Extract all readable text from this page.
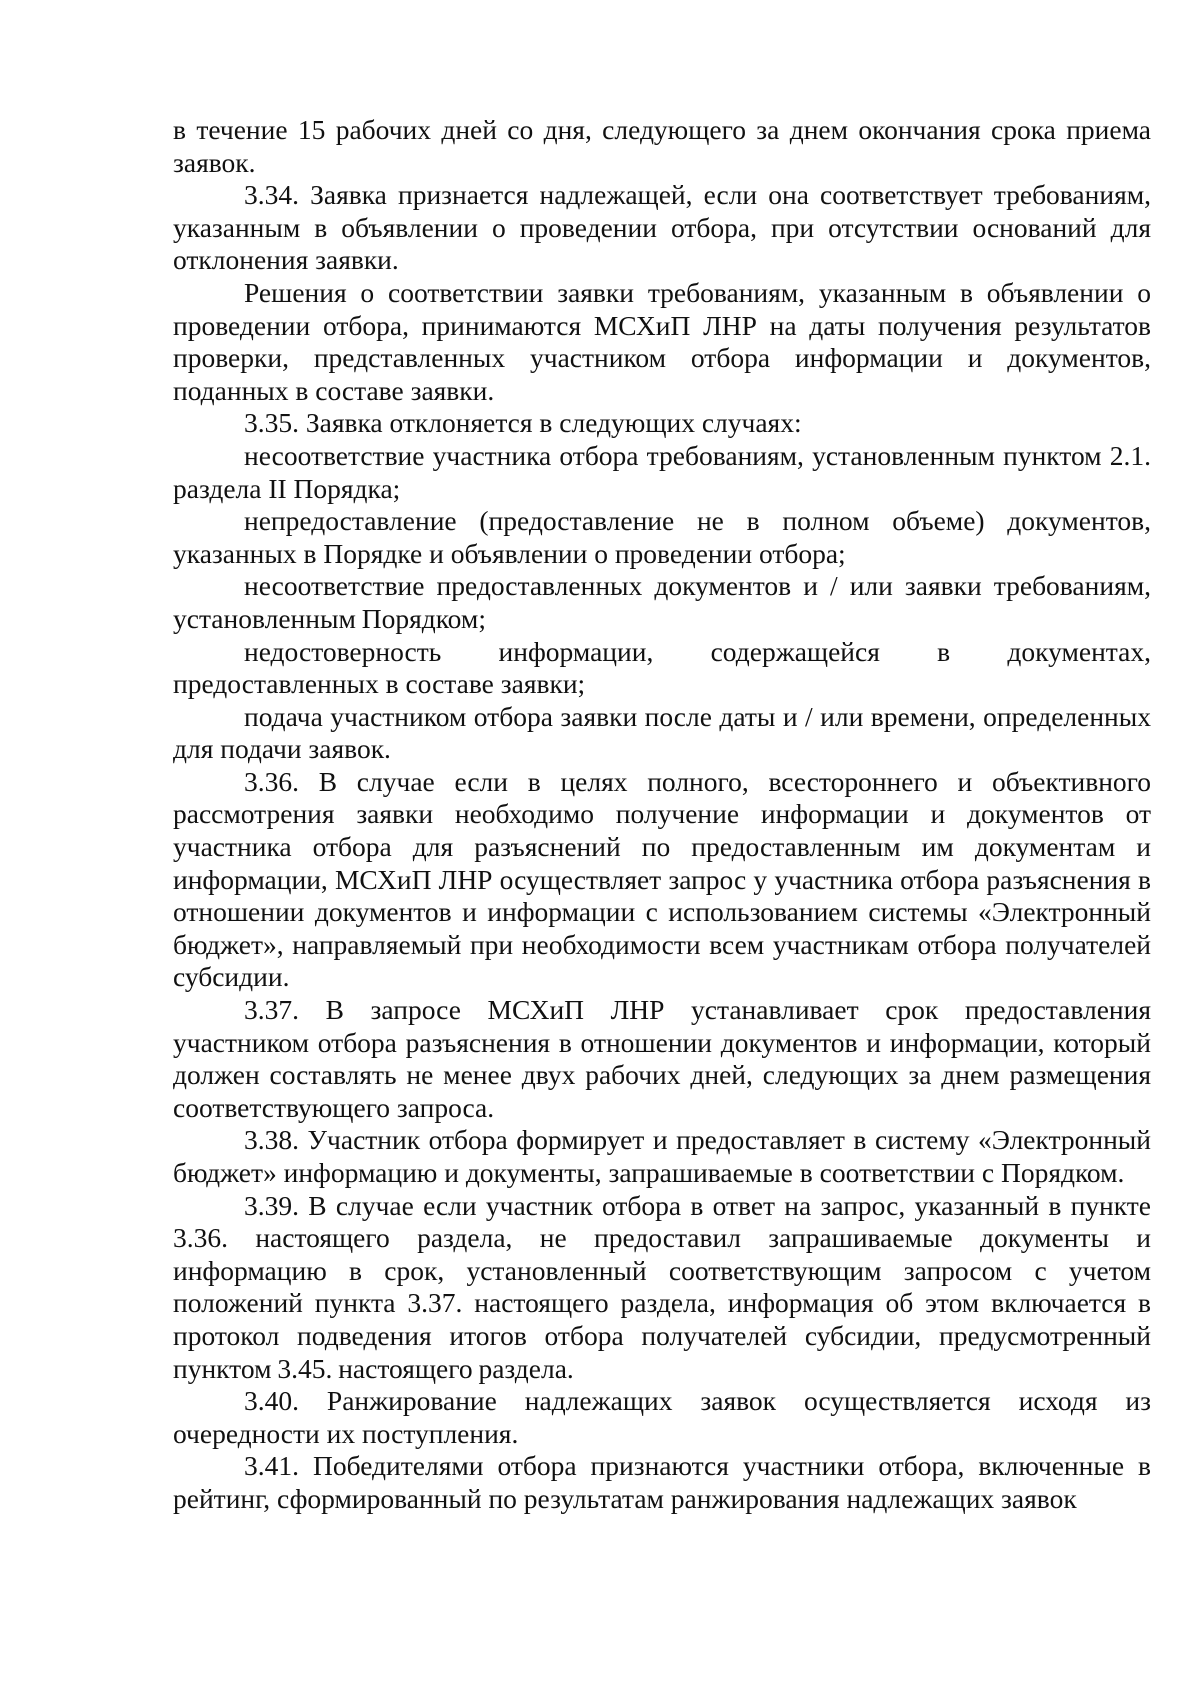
в течение 15 рабочих дней со дня, следующего за днем окончания срока приема заявок.

3.34. Заявка признается надлежащей, если она соответствует требованиям, указанным в объявлении о проведении отбора, при отсутствии оснований для отклонения заявки.

Решения о соответствии заявки требованиям, указанным в объявлении о проведении отбора, принимаются МСХиП ЛНР на даты получения результатов проверки, представленных участником отбора информации и документов, поданных в составе заявки.

3.35. Заявка отклоняется в следующих случаях:

несоответствие участника отбора требованиям, установленным пунктом 2.1. раздела II Порядка;

непредоставление (предоставление не в полном объеме) документов, указанных в Порядке и объявлении о проведении отбора;

несоответствие предоставленных документов и / или заявки требованиям, установленным Порядком;

недостоверность информации, содержащейся в документах, предоставленных в составе заявки;

подача участником отбора заявки после даты и / или времени, определенных для подачи заявок.

3.36. В случае если в целях полного, всестороннего и объективного рассмотрения заявки необходимо получение информации и документов от участника отбора для разъяснений по предоставленным им документам и информации, МСХиП ЛНР осуществляет запрос у участника отбора разъяснения в отношении документов и информации с использованием системы «Электронный бюджет», направляемый при необходимости всем участникам отбора получателей субсидии.

3.37. В запросе МСХиП ЛНР устанавливает срок предоставления участником отбора разъяснения в отношении документов и информации, который должен составлять не менее двух рабочих дней, следующих за днем размещения соответствующего запроса.

3.38. Участник отбора формирует и предоставляет в систему «Электронный бюджет» информацию и документы, запрашиваемые в соответствии с Порядком.

3.39. В случае если участник отбора в ответ на запрос, указанный в пункте 3.36. настоящего раздела, не предоставил запрашиваемые документы и информацию в срок, установленный соответствующим запросом с учетом положений пункта 3.37. настоящего раздела, информация об этом включается в протокол подведения итогов отбора получателей субсидии, предусмотренный пунктом 3.45. настоящего раздела.

3.40. Ранжирование надлежащих заявок осуществляется исходя из очередности их поступления.

3.41. Победителями отбора признаются участники отбора, включенные в рейтинг, сформированный по результатам ранжирования надлежащих заявок
